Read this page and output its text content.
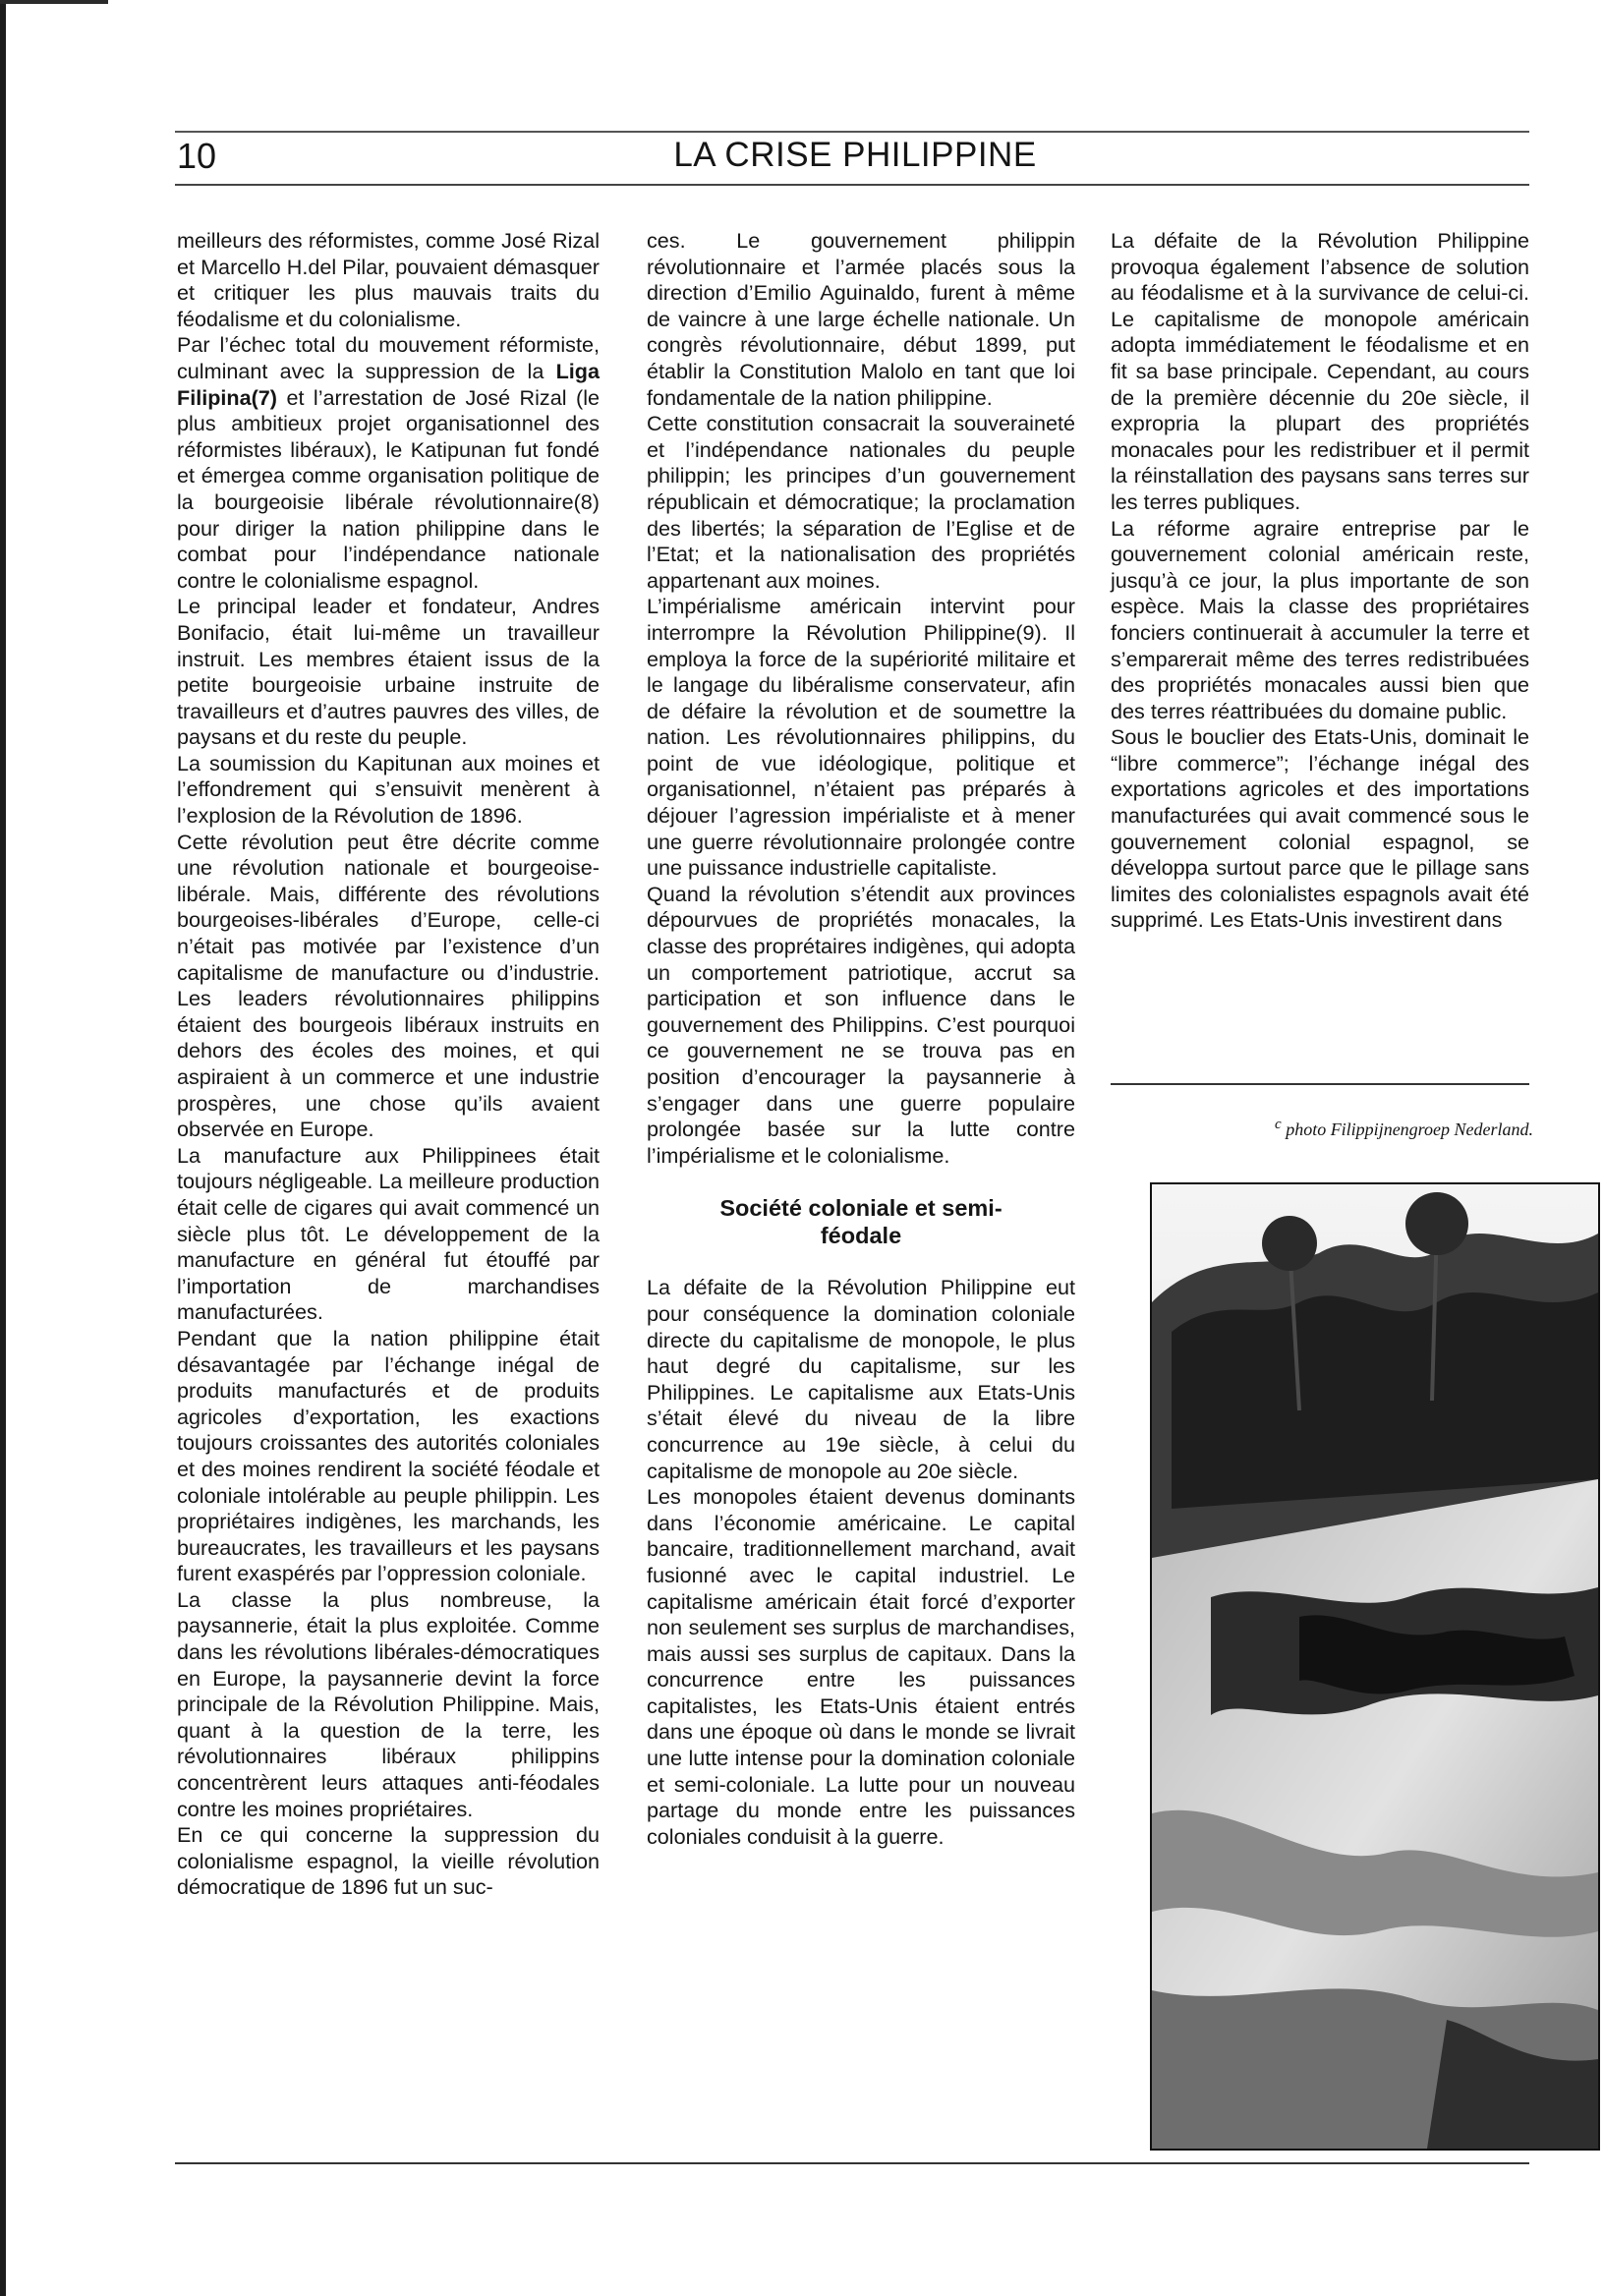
10	LA CRISE PHILIPPINE

meilleurs des réformistes, comme José Rizal et Marcello H.del Pilar, pouvaient démasquer et critiquer les plus mauvais traits du féodalisme et du colonialisme.

Par l’échec total du mouvement réformiste, culminant avec la suppression de la Liga Filipina(7) et l’arrestation de José Rizal (le plus ambitieux projet organisationnel des réformistes libéraux), le Katipunan fut fondé et émergea comme organisation politique de la bourgeoisie libérale révolutionnaire(8) pour diriger la nation philippine dans le combat pour l’indépendance nationale contre le colonialisme espagnol.

Le principal leader et fondateur, Andres Bonifacio, était lui-même un travailleur instruit. Les membres étaient issus de la petite bourgeoisie urbaine instruite de travailleurs et d’autres pauvres des villes, de paysans et du reste du peuple.

La soumission du Kapitunan aux moines et l’effondrement qui s’ensuivit menèrent à l’explosion de la Révolution de 1896.

Cette révolution peut être décrite comme une révolution nationale et bourgeoise-libérale. Mais, différente des révolutions bourgeoises-libérales d’Europe, celle-ci n’était pas motivée par l’existence d’un capitalisme de manufacture ou d’industrie. Les leaders révolutionnaires philippins étaient des bourgeois libéraux instruits en dehors des écoles des moines, et qui aspiraient à un commerce et une industrie prospères, une chose qu’ils avaient observée en Europe.

La manufacture aux Philippinees était toujours négligeable. La meilleure production était celle de cigares qui avait commencé un siècle plus tôt. Le développement de la manufacture en général fut étouffé par l’importation de marchandises manufacturées.

Pendant que la nation philippine était désavantagée par l’échange inégal de produits manufacturés et de produits agricoles d’exportation, les exactions toujours croissantes des autorités coloniales et des moines rendirent la société féodale et coloniale intolérable au peuple philippin. Les propriétaires indigènes, les marchands, les bureaucrates, les travailleurs et les paysans furent exaspérés par l’oppression coloniale.

La classe la plus nombreuse, la paysannerie, était la plus exploitée. Comme dans les révolutions libérales-démocratiques en Europe, la paysannerie devint la force principale de la Révolution Philippine. Mais, quant à la question de la terre, les révolutionnaires libéraux philippins concentrèrent leurs attaques anti-féodales contre les moines propriétaires.

En ce qui concerne la suppression du colonialisme espagnol, la vieille révolution démocratique de 1896 fut un suc-

ces. Le gouvernement philippin révolutionnaire et l’armée placés sous la direction d’Emilio Aguinaldo, furent à même de vaincre à une large échelle nationale. Un congrès révolutionnaire, début 1899, put établir la Constitution Malolo en tant que loi fondamentale de la nation philippine.

Cette constitution consacrait la souveraineté et l’indépendance nationales du peuple philippin; les principes d’un gouvernement républicain et démocratique; la proclamation des libertés; la séparation de l’Eglise et de l’Etat; et la nationalisation des propriétés appartenant aux moines.

L’impérialisme américain intervint pour interrompre la Révolution Philippine(9). Il employa la force de la supériorité militaire et le langage du libéralisme conservateur, afin de défaire la révolution et de soumettre la nation. Les révolutionnaires philippins, du point de vue idéologique, politique et organisationnel, n’étaient pas préparés à déjouer l’agression impérialiste et à mener une guerre révolutionnaire prolongée contre une puissance industrielle capitaliste.

Quand la révolution s’étendit aux provinces dépourvues de propriétés monacales, la classe des proprétaires indigènes, qui adopta un comportement patriotique, accrut sa participation et son influence dans le gouvernement des Philippins. C’est pourquoi ce gouvernement ne se trouva pas en position d’encourager la paysannerie à s’engager dans une guerre populaire prolongée basée sur la lutte contre l’impérialisme et le colonialisme.

Société coloniale et semi-
féodale

La défaite de la Révolution Philippine eut pour conséquence la domination coloniale directe du capitalisme de monopole, le plus haut degré du capitalisme, sur les Philippines. Le capitalisme aux Etats-Unis s’était élevé du niveau de la libre concurrence au 19e siècle, à celui du capitalisme de monopole au 20e siècle.

Les monopoles étaient devenus dominants dans l’économie américaine. Le capital bancaire, traditionnellement marchand, avait fusionné avec le capital industriel. Le capitalisme américain était forcé d’exporter non seulement ses surplus de marchandises, mais aussi ses surplus de capitaux. Dans la concurrence entre les puissances capitalistes, les Etats-Unis étaient entrés dans une époque où dans le monde se livrait une lutte intense pour la domination coloniale et semi-coloniale. La lutte pour un nouveau partage du monde entre les puissances coloniales conduisit à la guerre.

La défaite de la Révolution Philippine provoqua également l’absence de solution au féodalisme et à la survivance de celui-ci. Le capitalisme de monopole américain adopta immédiatement le féodalisme et en fit sa base principale. Cependant, au cours de la première décennie du 20e siècle, il expropria la plupart des propriétés monacales pour les redistribuer et il permit la réinstallation des paysans sans terres sur les terres publiques.

La réforme agraire entreprise par le gouvernement colonial américain reste, jusqu’à ce jour, la plus importante de son espèce. Mais la classe des propriétaires fonciers continuerait à accumuler la terre et s’emparerait même des terres redistribuées des propriétés monacales aussi bien que des terres réattribuées du domaine public.

Sous le bouclier des Etats-Unis, dominait le “libre commerce”; l’échange inégal des exportations agricoles et des importations manufacturées qui avait commencé sous le gouvernement colonial espagnol, se développa surtout parce que le pillage sans limites des colonialistes espagnols avait été supprimé. Les Etats-Unis investirent dans

$^c$ photo Filippijnengroep Nederland.
